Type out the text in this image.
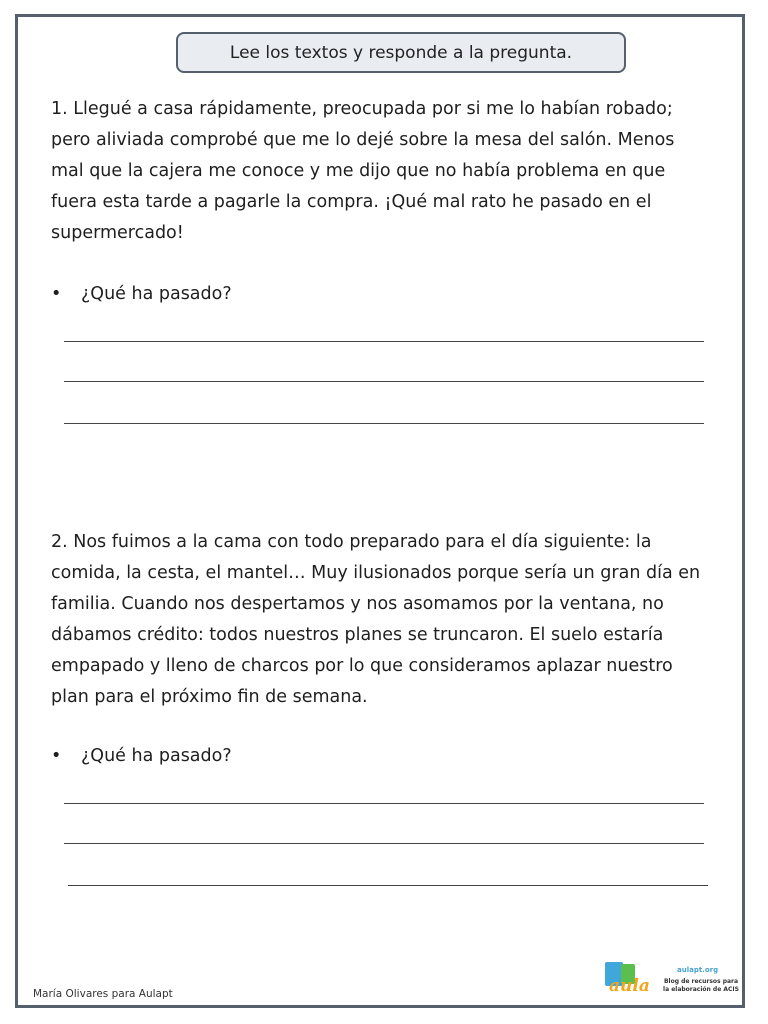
Lee los textos y responde a la pregunta.

1. Llegué a casa rápidamente, preocupada por si me lo habían robado; pero aliviada comprobé que me lo dejé sobre la mesa del salón. Menos mal que la cajera me conoce y me dijo que no había problema en que fuera esta tarde a pagarle la compra. ¡Qué mal rato he pasado en el supermercado!

• ¿Qué ha pasado?

2. Nos fuimos a la cama con todo preparado para el día siguiente: la comida, la cesta, el mantel… Muy ilusionados porque sería un gran día en familia. Cuando nos despertamos y nos asomamos por la ventana, no dábamos crédito: todos nuestros planes se truncaron. El suelo estaría empapado y lleno de charcos por lo que consideramos aplazar nuestro plan para el próximo fin de semana.

• ¿Qué ha pasado?
María Olivares para Aulapt	aula
aulapt.org
Blog de recursos para la elaboración de ACIS
